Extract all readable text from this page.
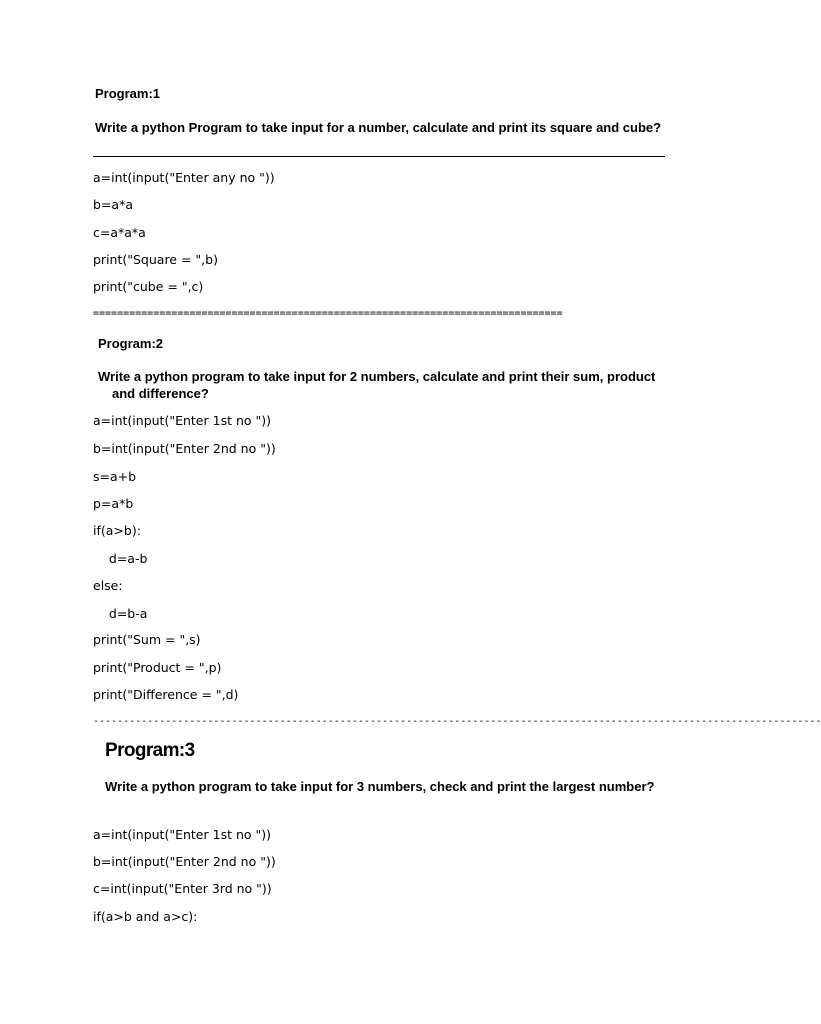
Program:1
Write a python Program to take input for a number, calculate and print its square and cube?
a=int(input("Enter any no "))
b=a*a
c=a*a*a
print("Square = ",b)
print("cube = ",c)
==============================================================================
Program:2
Write a python program to take input for 2 numbers, calculate and print their sum, product
and difference?
a=int(input("Enter 1st no "))
b=int(input("Enter 2nd no "))
s=a+b
p=a*b
if(a>b):
d=a-b
else:
d=b-a
print("Sum = ",s)
print("Product = ",p)
print("Difference = ",d)
-------------------------------------------------------------------------------------------------------------------------
Program:3
Write a python program to take input for 3 numbers, check and print the largest number?
a=int(input("Enter 1st no "))
b=int(input("Enter 2nd no "))
c=int(input("Enter 3rd no "))
if(a>b and a>c):
